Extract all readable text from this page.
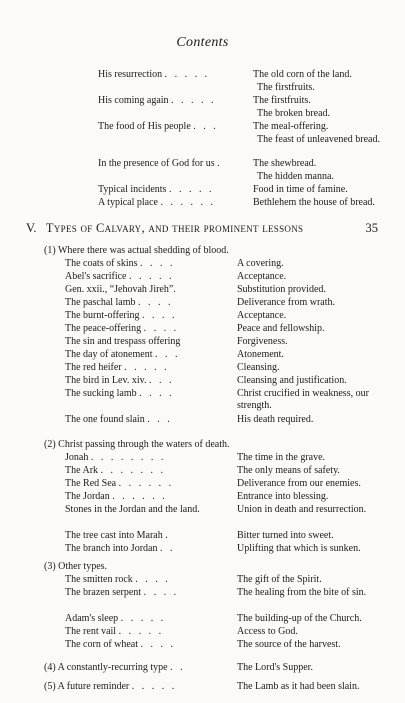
Contents
His resurrection . . . . .	The old corn of the land.
The firstfruits.
His coming again . . . . .	The firstfruits.
The broken bread.
The food of His people . . .	The meal-offering.
The feast of unleavened bread.
In the presence of God for us .	The shewbread.
The hidden manna.
Typical incidents . . . . .	Food in time of famine.
A typical place . . . . . .	Bethlehem the house of bread.
V. Types of Calvary, and their prominent lessons	35
(1) Where there was actual shedding of blood.
The coats of skins . . . .	A covering.
Abel's sacrifice . . . . .	Acceptance.
Gen. xxii., “Jehovah Jireh”.	Substitution provided.
The paschal lamb . . . .	Deliverance from wrath.
The burnt-offering . . . .	Acceptance.
The peace-offering . . . .	Peace and fellowship.
The sin and trespass offering	Forgiveness.
The day of atonement . . .	Atonement.
The red heifer . . . . .	Cleansing.
The bird in Lev. xiv. . . .	Cleansing and justification.
The sucking lamb . . . .	Christ crucified in weakness, our strength.
The one found slain . . .	His death required.
(2) Christ passing through the waters of death.
Jonah . . . . . . . .	The time in the grave.
The Ark . . . . . . .	The only means of safety.
The Red Sea . . . . . .	Deliverance from our enemies.
The Jordan . . . . . .	Entrance into blessing.
Stones in the Jordan and the land.	Union in death and resurrection.
The tree cast into Marah .	Bitter turned into sweet.
The branch into Jordan . .	Uplifting that which is sunken.
(3) Other types.
The smitten rock . . . .	The gift of the Spirit.
The brazen serpent . . . .	The healing from the bite of sin.
Adam's sleep . . . . .	The building-up of the Church.
The rent vail . . . . .	Access to God.
The corn of wheat . . . .	The source of the harvest.
(4) A constantly-recurring type . .	The Lord's Supper.
(5) A future reminder . . . . .	The Lamb as it had been slain.
